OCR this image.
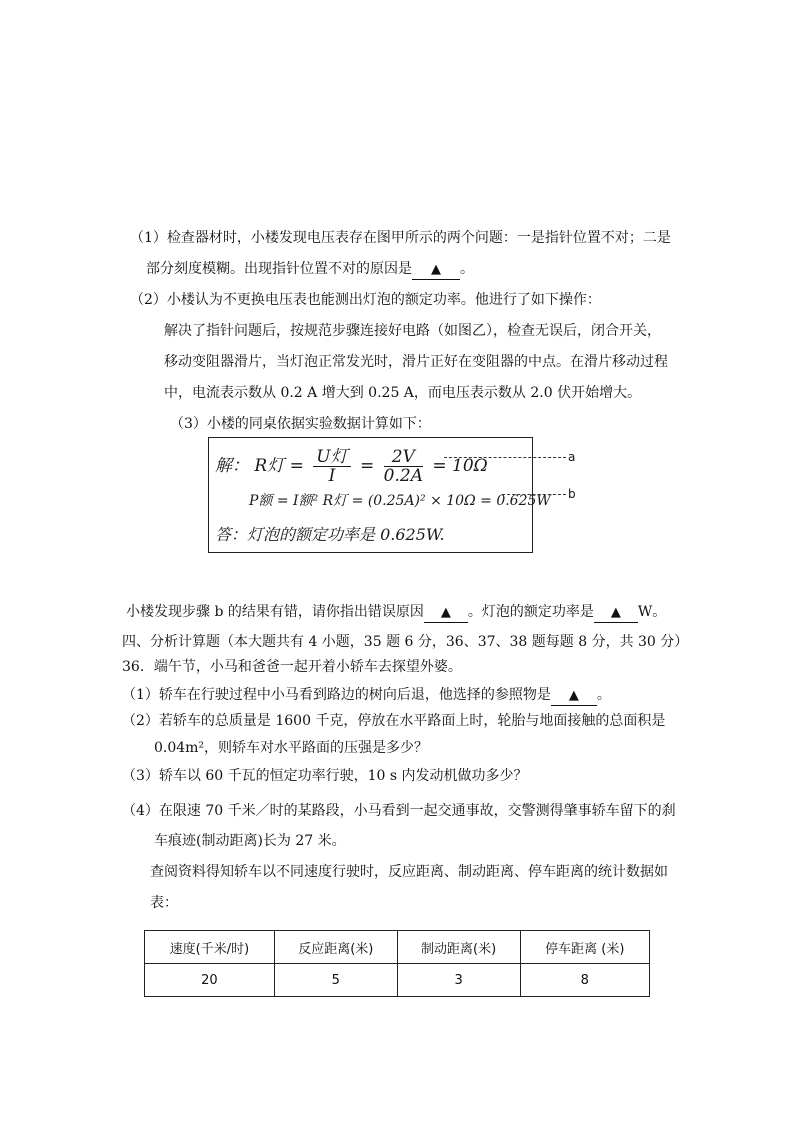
（1）检查器材时，小楼发现电压表存在图甲所示的两个问题：一是指针位置不对；二是
部分刻度模糊。出现指针位置不对的原因是 ▲ 。
（2）小楼认为不更换电压表也能测出灯泡的额定功率。他进行了如下操作：
解决了指针问题后，按规范步骤连接好电路（如图乙），检查无误后，闭合开关，
移动变阻器滑片，当灯泡正常发光时，滑片正好在变阻器的中点。在滑片移动过程
中，电流表示数从 0.2 A 增大到 0.25 A，而电压表示数从 2.0 伏开始增大。
（3）小楼的同桌依据实验数据计算如下：
解： R灯 = $\frac{\text{U灯}}{I} = \frac{2V}{0.2A} = 10\Omega$
P额 = I额² R灯 = (0.25A)² × 10Ω = 0.625W
答：灯泡的额定功率是 0.625W.
a
b
小楼发现步骤 b 的结果有错，请你指出错误原因 ▲ 。灯泡的额定功率是 ▲ W。
四、分析计算题（本大题共有 4 小题，35 题 6 分，36、37、38 题每题 8 分，共 30 分）
36．端午节，小马和爸爸一起开着小轿车去探望外婆。
（1）轿车在行驶过程中小马看到路边的树向后退，他选择的参照物是 ▲ 。
（2）若轿车的总质量是 1600 千克，停放在水平路面上时，轮胎与地面接触的总面积是
0.04m²，则轿车对水平路面的压强是多少？
（3）轿车以 60 千瓦的恒定功率行驶，10 s 内发动机做功多少？
（4）在限速 70 千米／时的某路段，小马看到一起交通事故，交警测得肇事轿车留下的刹
车痕迹(制动距离)长为 27 米。
查阅资料得知轿车以不同速度行驶时，反应距离、制动距离、停车距离的统计数据如
表：
速度(千米/时)	反应距离(米)	制动距离(米)	停车距离 (米)
20	5	3	8
